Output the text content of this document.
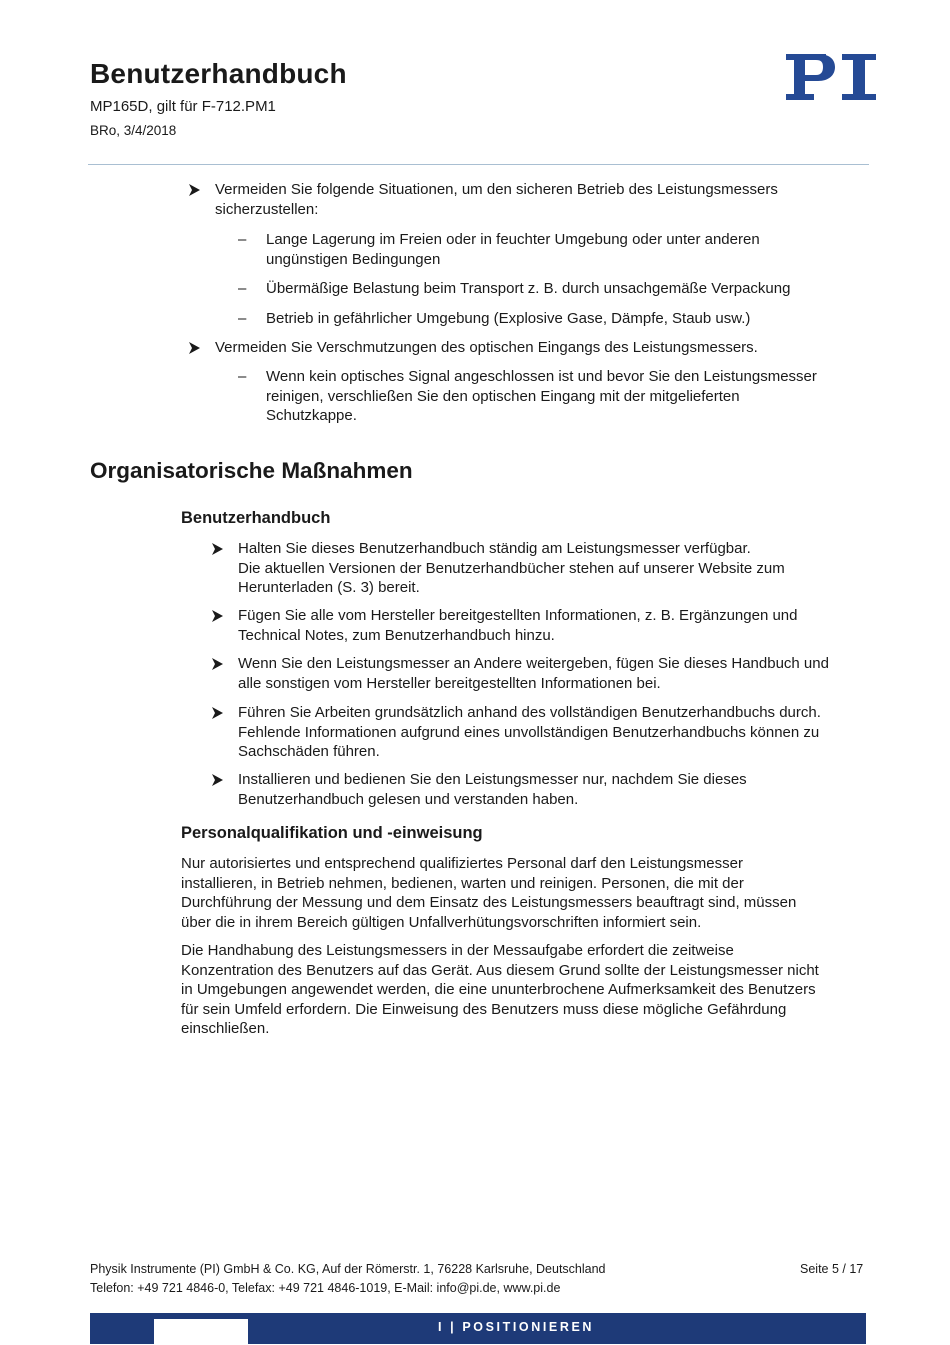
Benutzerhandbuch
MP165D, gilt für F-712.PM1
BRo, 3/4/2018
Vermeiden Sie folgende Situationen, um den sicheren Betrieb des Leistungsmessers
sicherzustellen:
– Lange Lagerung im Freien oder in feuchter Umgebung oder unter anderen
ungünstigen Bedingungen
– Übermäßige Belastung beim Transport z. B. durch unsachgemäße Verpackung
– Betrieb in gefährlicher Umgebung (Explosive Gase, Dämpfe, Staub usw.)
Vermeiden Sie Verschmutzungen des optischen Eingangs des Leistungsmessers.
– Wenn kein optisches Signal angeschlossen ist und bevor Sie den Leistungsmesser
reinigen, verschließen Sie den optischen Eingang mit der mitgelieferten
Schutzkappe.
Organisatorische Maßnahmen
Benutzerhandbuch
Halten Sie dieses Benutzerhandbuch ständig am Leistungsmesser verfügbar.
Die aktuellen Versionen der Benutzerhandbücher stehen auf unserer Website zum
Herunterladen (S. 3) bereit.
Fügen Sie alle vom Hersteller bereitgestellten Informationen, z. B. Ergänzungen und
Technical Notes, zum Benutzerhandbuch hinzu.
Wenn Sie den Leistungsmesser an Andere weitergeben, fügen Sie dieses Handbuch und
alle sonstigen vom Hersteller bereitgestellten Informationen bei.
Führen Sie Arbeiten grundsätzlich anhand des vollständigen Benutzerhandbuchs durch.
Fehlende Informationen aufgrund eines unvollständigen Benutzerhandbuchs können zu
Sachschäden führen.
Installieren und bedienen Sie den Leistungsmesser nur, nachdem Sie dieses
Benutzerhandbuch gelesen und verstanden haben.
Personalqualifikation und -einweisung
Nur autorisiertes und entsprechend qualifiziertes Personal darf den Leistungsmesser
installieren, in Betrieb nehmen, bedienen, warten und reinigen. Personen, die mit der
Durchführung der Messung und dem Einsatz des Leistungsmessers beauftragt sind, müssen
über die in ihrem Bereich gültigen Unfallverhütungsvorschriften informiert sein.
Die Handhabung des Leistungsmessers in der Messaufgabe erfordert die zeitweise
Konzentration des Benutzers auf das Gerät. Aus diesem Grund sollte der Leistungsmesser nicht
in Umgebungen angewendet werden, die eine ununterbrochene Aufmerksamkeit des Benutzers
für sein Umfeld erfordern. Die Einweisung des Benutzers muss diese mögliche Gefährdung
einschließen.
Physik Instrumente (PI) GmbH & Co. KG, Auf der Römerstr. 1, 76228 Karlsruhe, Deutschland
Telefon: +49 721 4846-0, Telefax: +49 721 4846-1019, E-Mail: info@pi.de, www.pi.de
Seite 5 / 17
I | POSITIONIEREN
